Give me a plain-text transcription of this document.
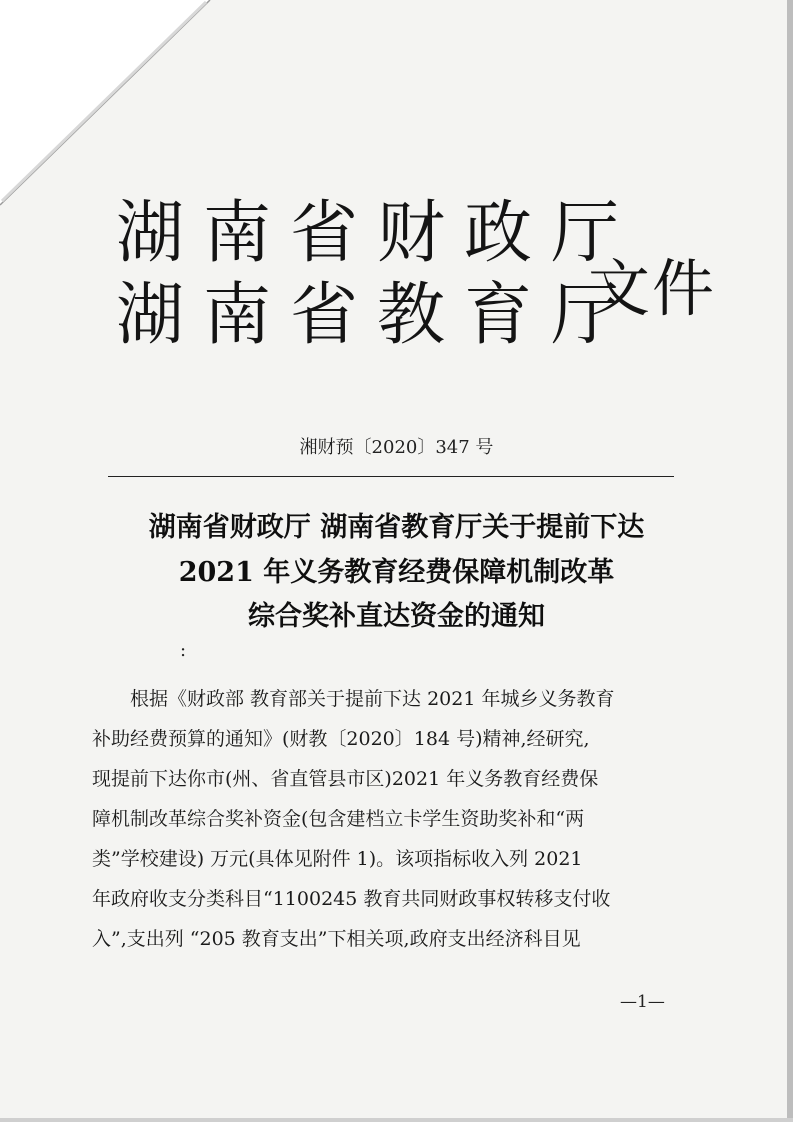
湖南省财政厅
湖南省教育厅
文件
湘财预〔2020〕347 号
湖南省财政厅 湖南省教育厅关于提前下达
2021 年义务教育经费保障机制改革
综合奖补直达资金的通知
:
　　根据《财政部 教育部关于提前下达 2021 年城乡义务教育
补助经费预算的通知》(财教〔2020〕184 号)精神,经研究,
现提前下达你市(州、省直管县市区)2021 年义务教育经费保
障机制改革综合奖补资金(包含建档立卡学生资助奖补和“两
类”学校建设) 万元(具体见附件 1)。该项指标收入列 2021
年政府收支分类科目“1100245 教育共同财政事权转移支付收
入”,支出列 “205 教育支出”下相关项,政府支出经济科目见
—1—
